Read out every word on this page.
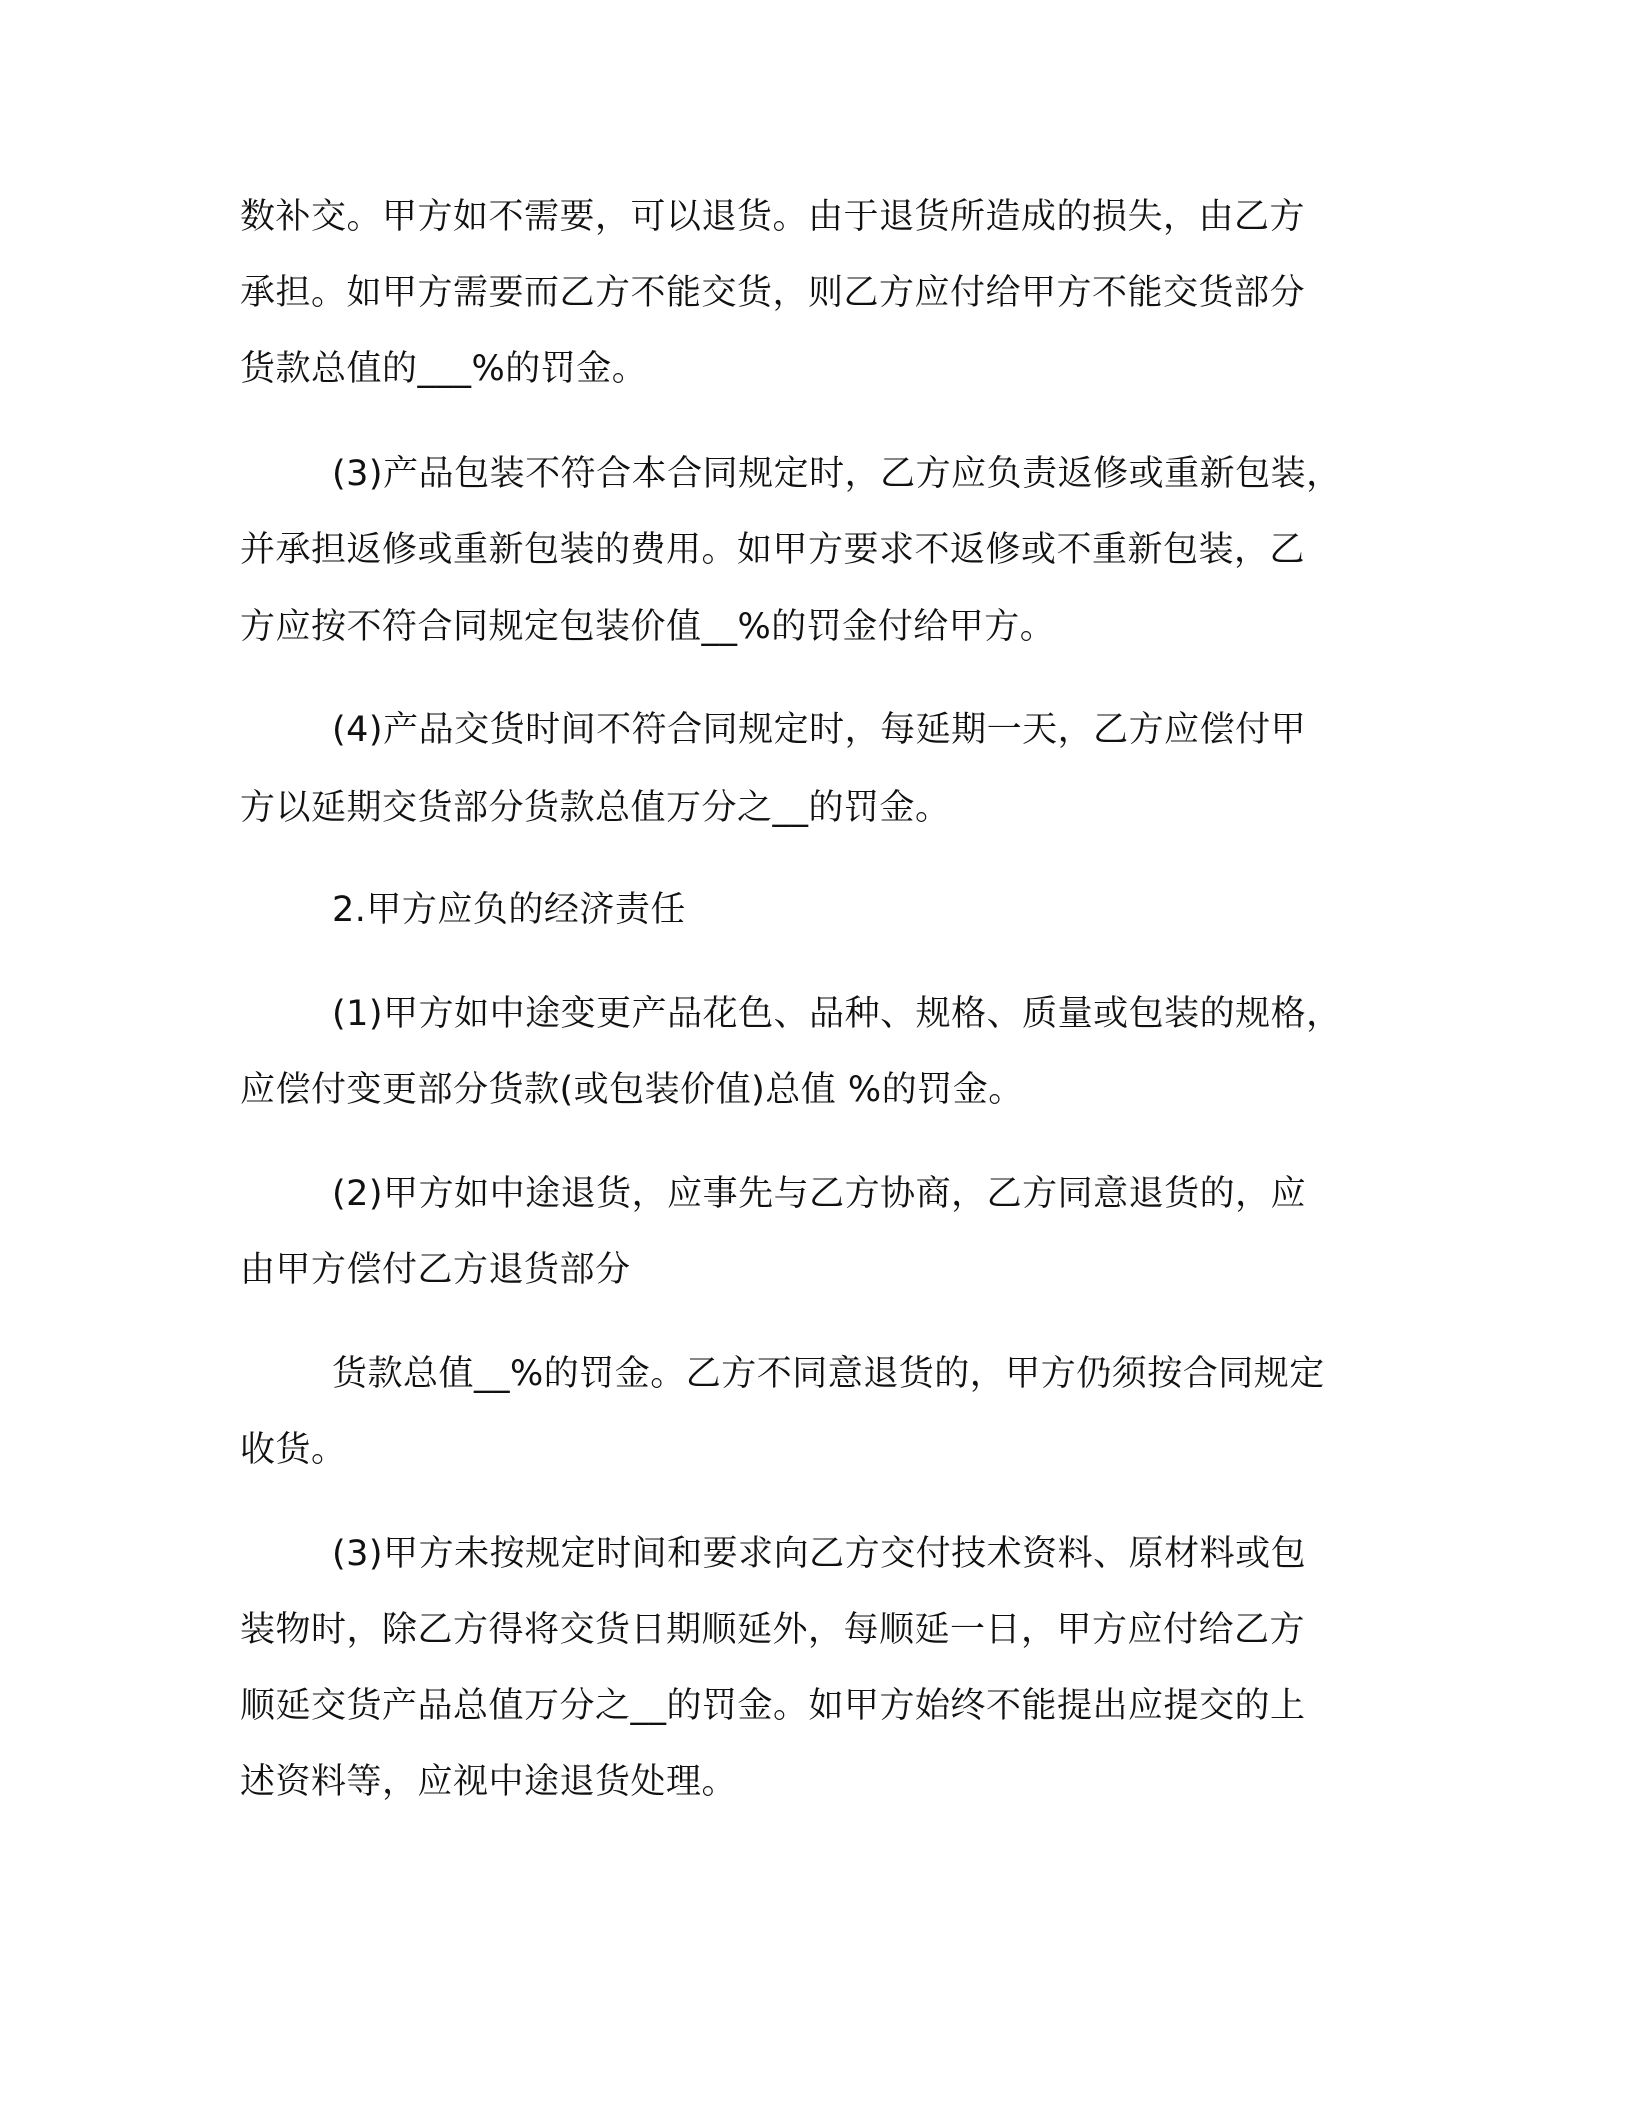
数补交。甲方如不需要，可以退货。由于退货所造成的损失，由乙方
承担。如甲方需要而乙方不能交货，则乙方应付给甲方不能交货部分
货款总值的___%的罚金。
(3)产品包装不符合本合同规定时，乙方应负责返修或重新包装，
并承担返修或重新包装的费用。如甲方要求不返修或不重新包装，乙
方应按不符合同规定包装价值__%的罚金付给甲方。
(4)产品交货时间不符合同规定时，每延期一天，乙方应偿付甲
方以延期交货部分货款总值万分之__的罚金。
2.甲方应负的经济责任
(1)甲方如中途变更产品花色、品种、规格、质量或包装的规格，
应偿付变更部分货款(或包装价值)总值 %的罚金。
(2)甲方如中途退货，应事先与乙方协商，乙方同意退货的，应
由甲方偿付乙方退货部分
货款总值__%的罚金。乙方不同意退货的，甲方仍须按合同规定
收货。
(3)甲方未按规定时间和要求向乙方交付技术资料、原材料或包
装物时，除乙方得将交货日期顺延外，每顺延一日，甲方应付给乙方
顺延交货产品总值万分之__的罚金。如甲方始终不能提出应提交的上
述资料等，应视中途退货处理。
